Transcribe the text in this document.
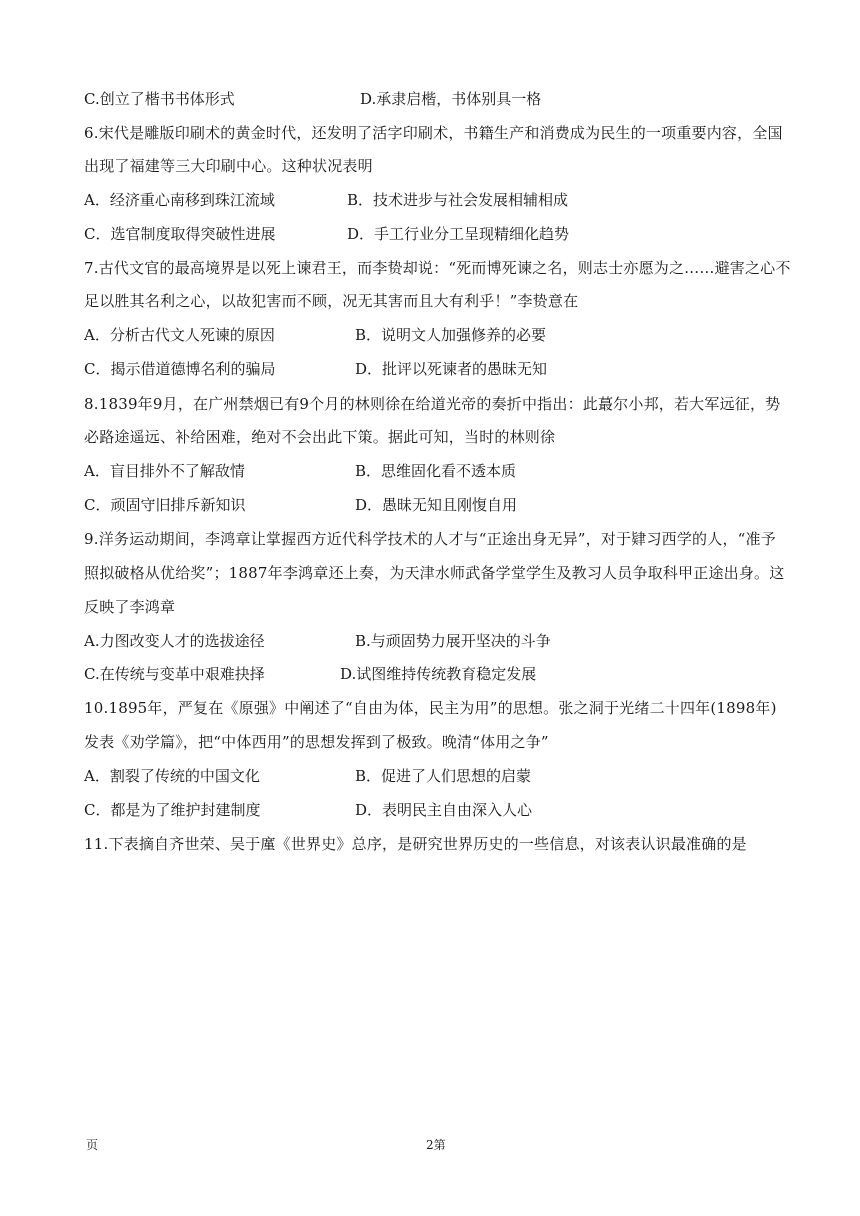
C.创立了楷书书体形式	D.承隶启楷，书体别具一格
6.宋代是雕版印刷术的黄金时代，还发明了活字印刷术，书籍生产和消费成为民生的一项重要内容，全国
出现了福建等三大印刷中心。这种状况表明
A．经济重心南移到珠江流域	B．技术进步与社会发展相辅相成
C．选官制度取得突破性进展	D．手工行业分工呈现精细化趋势
7.古代文官的最高境界是以死上谏君王，而李贽却说：“死而博死谏之名，则志士亦愿为之……避害之心不
足以胜其名利之心，以故犯害而不顾，况无其害而且大有利乎！”李贽意在
A．分析古代文人死谏的原因	B．说明文人加强修养的必要
C．揭示借道德博名利的骗局	D．批评以死谏者的愚昧无知
8.1839年9月，在广州禁烟已有9个月的林则徐在给道光帝的奏折中指出：此蕞尔小邦，若大军远征，势
必路途遥远、补给困难，绝对不会出此下策。据此可知，当时的林则徐
A．盲目排外不了解敌情	B．思维固化看不透本质
C．顽固守旧排斥新知识	D．愚昧无知且刚愎自用
9.洋务运动期间，李鸿章让掌握西方近代科学技术的人才与“正途出身无异”，对于肄习西学的人，“准予
照拟破格从优给奖”；1887年李鸿章还上奏，为天津水师武备学堂学生及教习人员争取科甲正途出身。这
反映了李鸿章
A.力图改变人才的选拔途径	B.与顽固势力展开坚决的斗争
C.在传统与变革中艰难抉择	D.试图维持传统教育稳定发展
10.1895年，严复在《原强》中阐述了“自由为体，民主为用”的思想。张之洞于光绪二十四年(1898年)
发表《劝学篇》，把“中体西用”的思想发挥到了极致。晚清“体用之争”
A．割裂了传统的中国文化	B．促进了人们思想的启蒙
C．都是为了维护封建制度	D．表明民主自由深入人心
11.下表摘自齐世荣、吴于廑《世界史》总序，是研究世界历史的一些信息，对该表认识最准确的是
页	2第
